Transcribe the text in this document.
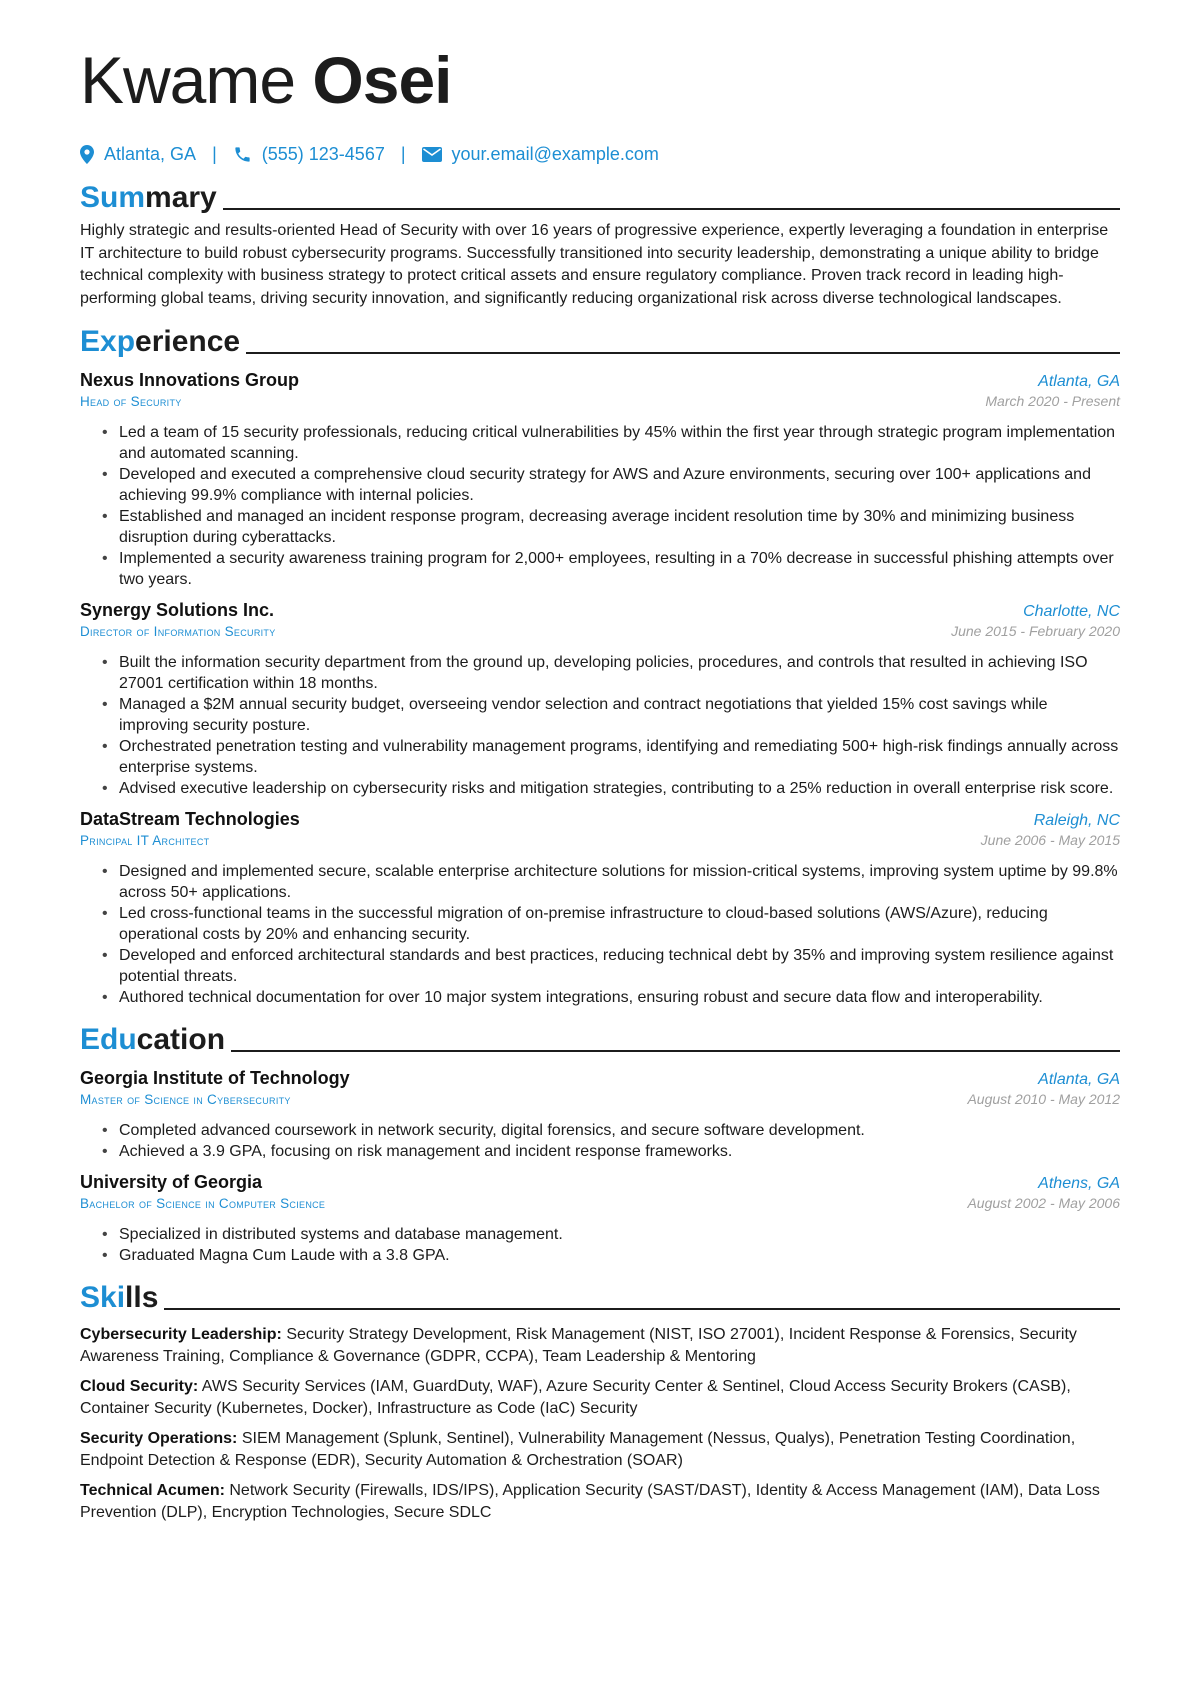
Kwame Osei
Atlanta, GA |	(555) 123-4567 |	your.email@example.com
Summary

Highly strategic and results-oriented Head of Security with over 16 years of progressive experience, expertly leveraging a foundation in enterprise IT architecture to build robust cybersecurity programs. Successfully transitioned into security leadership, demonstrating a unique ability to bridge technical complexity with business strategy to protect critical assets and ensure regulatory compliance. Proven track record in leading high-performing global teams, driving security innovation, and significantly reducing organizational risk across diverse technological landscapes.

Experience
Nexus Innovations Group	Atlanta, GA
Head of Security	March 2020 - Present
• Led a team of 15 security professionals, reducing critical vulnerabilities by 45% within the first year through strategic program implementation and automated scanning.
• Developed and executed a comprehensive cloud security strategy for AWS and Azure environments, securing over 100+ applications and achieving 99.9% compliance with internal policies.
• Established and managed an incident response program, decreasing average incident resolution time by 30% and minimizing business disruption during cyberattacks.
• Implemented a security awareness training program for 2,000+ employees, resulting in a 70% decrease in successful phishing attempts over two years.
Synergy Solutions Inc.	Charlotte, NC
Director of Information Security	June 2015 - February 2020
• Built the information security department from the ground up, developing policies, procedures, and controls that resulted in achieving ISO 27001 certification within 18 months.
• Managed a $2M annual security budget, overseeing vendor selection and contract negotiations that yielded 15% cost savings while improving security posture.
• Orchestrated penetration testing and vulnerability management programs, identifying and remediating 500+ high-risk findings annually across enterprise systems.
• Advised executive leadership on cybersecurity risks and mitigation strategies, contributing to a 25% reduction in overall enterprise risk score.
DataStream Technologies	Raleigh, NC
Principal IT Architect	June 2006 - May 2015
• Designed and implemented secure, scalable enterprise architecture solutions for mission-critical systems, improving system uptime by 99.8% across 50+ applications.
• Led cross-functional teams in the successful migration of on-premise infrastructure to cloud-based solutions (AWS/Azure), reducing operational costs by 20% and enhancing security.
• Developed and enforced architectural standards and best practices, reducing technical debt by 35% and improving system resilience against potential threats.
• Authored technical documentation for over 10 major system integrations, ensuring robust and secure data flow and interoperability.
Education
Georgia Institute of Technology	Atlanta, GA
Master of Science in Cybersecurity	August 2010 - May 2012
• Completed advanced coursework in network security, digital forensics, and secure software development.
• Achieved a 3.9 GPA, focusing on risk management and incident response frameworks.
University of Georgia	Athens, GA
Bachelor of Science in Computer Science	August 2002 - May 2006
• Specialized in distributed systems and database management.
• Graduated Magna Cum Laude with a 3.8 GPA.
Skills

Cybersecurity Leadership: Security Strategy Development, Risk Management (NIST, ISO 27001), Incident Response & Forensics, Security Awareness Training, Compliance & Governance (GDPR, CCPA), Team Leadership & Mentoring

Cloud Security: AWS Security Services (IAM, GuardDuty, WAF), Azure Security Center & Sentinel, Cloud Access Security Brokers (CASB), Container Security (Kubernetes, Docker), Infrastructure as Code (IaC) Security

Security Operations: SIEM Management (Splunk, Sentinel), Vulnerability Management (Nessus, Qualys), Penetration Testing Coordination, Endpoint Detection & Response (EDR), Security Automation & Orchestration (SOAR)

Technical Acumen: Network Security (Firewalls, IDS/IPS), Application Security (SAST/DAST), Identity & Access Management (IAM), Data Loss Prevention (DLP), Encryption Technologies, Secure SDLC
